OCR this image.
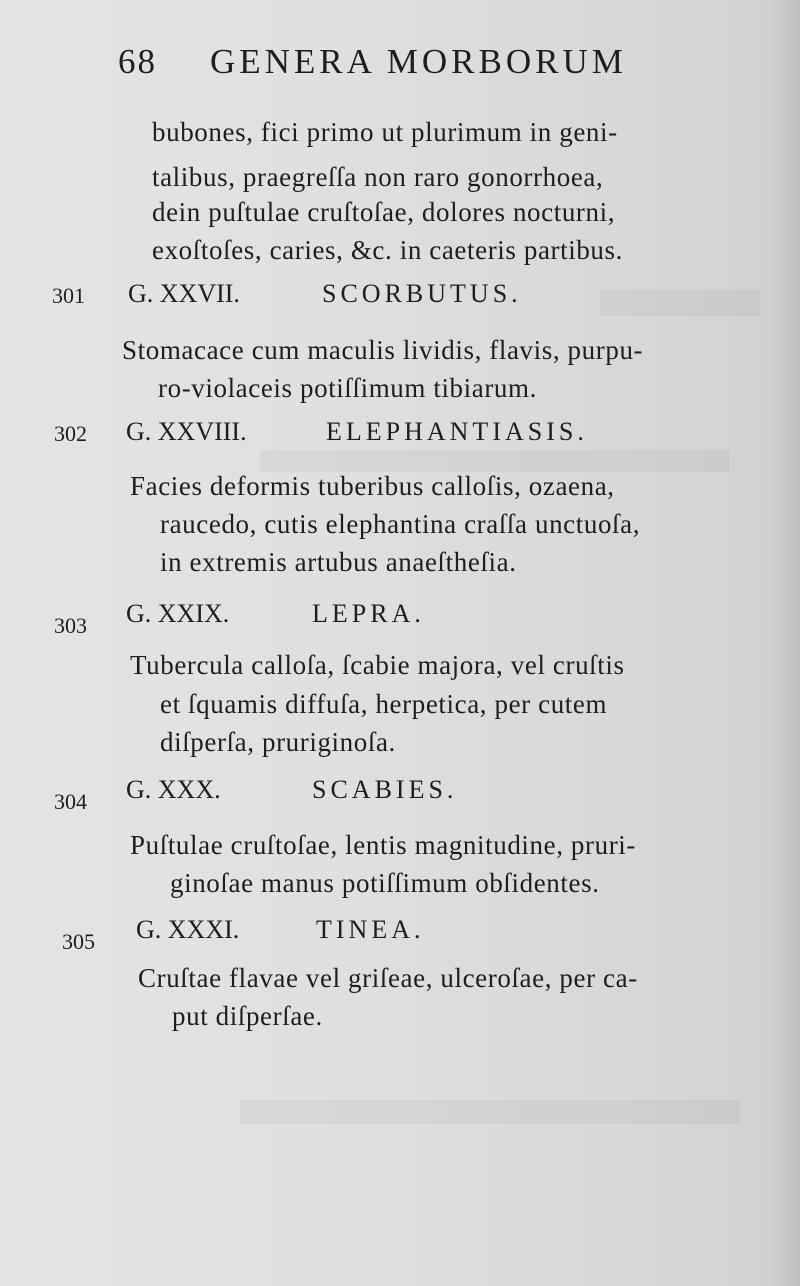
68 GENERA MORBORUM
bubones, fici primo ut plurimum in geni-
talibus, praegreſſa non raro gonorrhoea,
dein puſtulae cruſtoſae, dolores nocturni,
exoſtoſes, caries, &c. in caeteris partibus.
301 G. XXVII.	SCORBUTUS.
Stomacace cum maculis lividis, flavis, purpu-
ro-violaceis potiſſimum tibiarum.
302 G. XXVIII.	ELEPHANTIASIS.
Facies deformis tuberibus calloſis, ozaena,
raucedo, cutis elephantina craſſa unctuoſa,
in extremis artubus anaeſtheſia.
303 G. XXIX.	LEPRA.
Tubercula calloſa, ſcabie majora, vel cruſtis
et ſquamis diffuſa, herpetica, per cutem
diſperſa, pruriginoſa.
304 G. XXX.	SCABIES.
Puſtulae cruſtoſae, lentis magnitudine, pruri-
ginoſae manus potiſſimum obſidentes.
305 G. XXXI.	TINEA.
Cruſtae flavae vel griſeae, ulceroſae, per ca-
put diſperſae.
